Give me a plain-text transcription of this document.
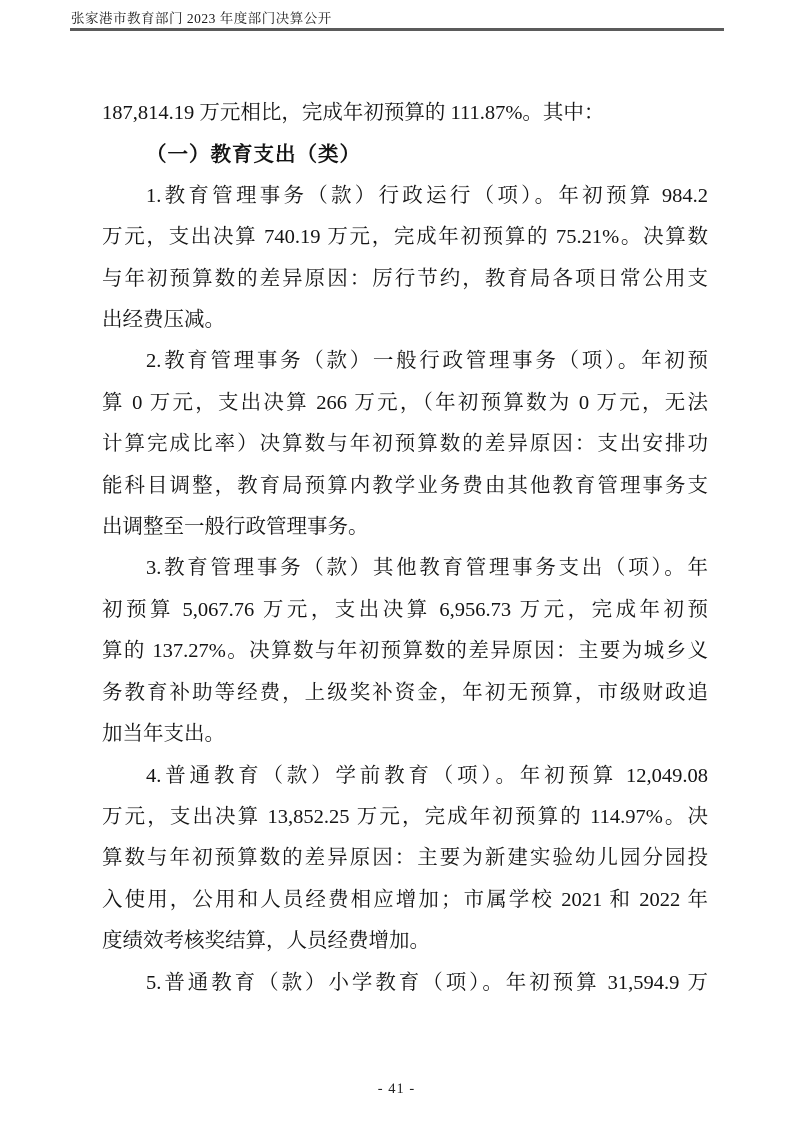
张家港市教育部门 2023 年度部门决算公开
187,814.19 万元相比，完成年初预算的 111.87%。其中：
（一）教育支出（类）
1.教育管理事务（款）行政运行（项）。年初预算 984.2
万元，支出决算 740.19 万元，完成年初预算的 75.21%。决算数
与年初预算数的差异原因：厉行节约，教育局各项日常公用支
出经费压减。
2.教育管理事务（款）一般行政管理事务（项）。年初预
算 0 万元，支出决算 266 万元，（年初预算数为 0 万元，无法
计算完成比率）决算数与年初预算数的差异原因：支出安排功
能科目调整，教育局预算内教学业务费由其他教育管理事务支
出调整至一般行政管理事务。
3.教育管理事务（款）其他教育管理事务支出（项）。年
初预算 5,067.76 万元，支出决算 6,956.73 万元，完成年初预
算的 137.27%。决算数与年初预算数的差异原因：主要为城乡义
务教育补助等经费，上级奖补资金，年初无预算，市级财政追
加当年支出。
4.普通教育（款）学前教育（项）。年初预算 12,049.08
万元，支出决算 13,852.25 万元，完成年初预算的 114.97%。决
算数与年初预算数的差异原因：主要为新建实验幼儿园分园投
入使用，公用和人员经费相应增加；市属学校 2021 和 2022 年
度绩效考核奖结算，人员经费增加。
5.普通教育（款）小学教育（项）。年初预算 31,594.9 万
- 41 -
